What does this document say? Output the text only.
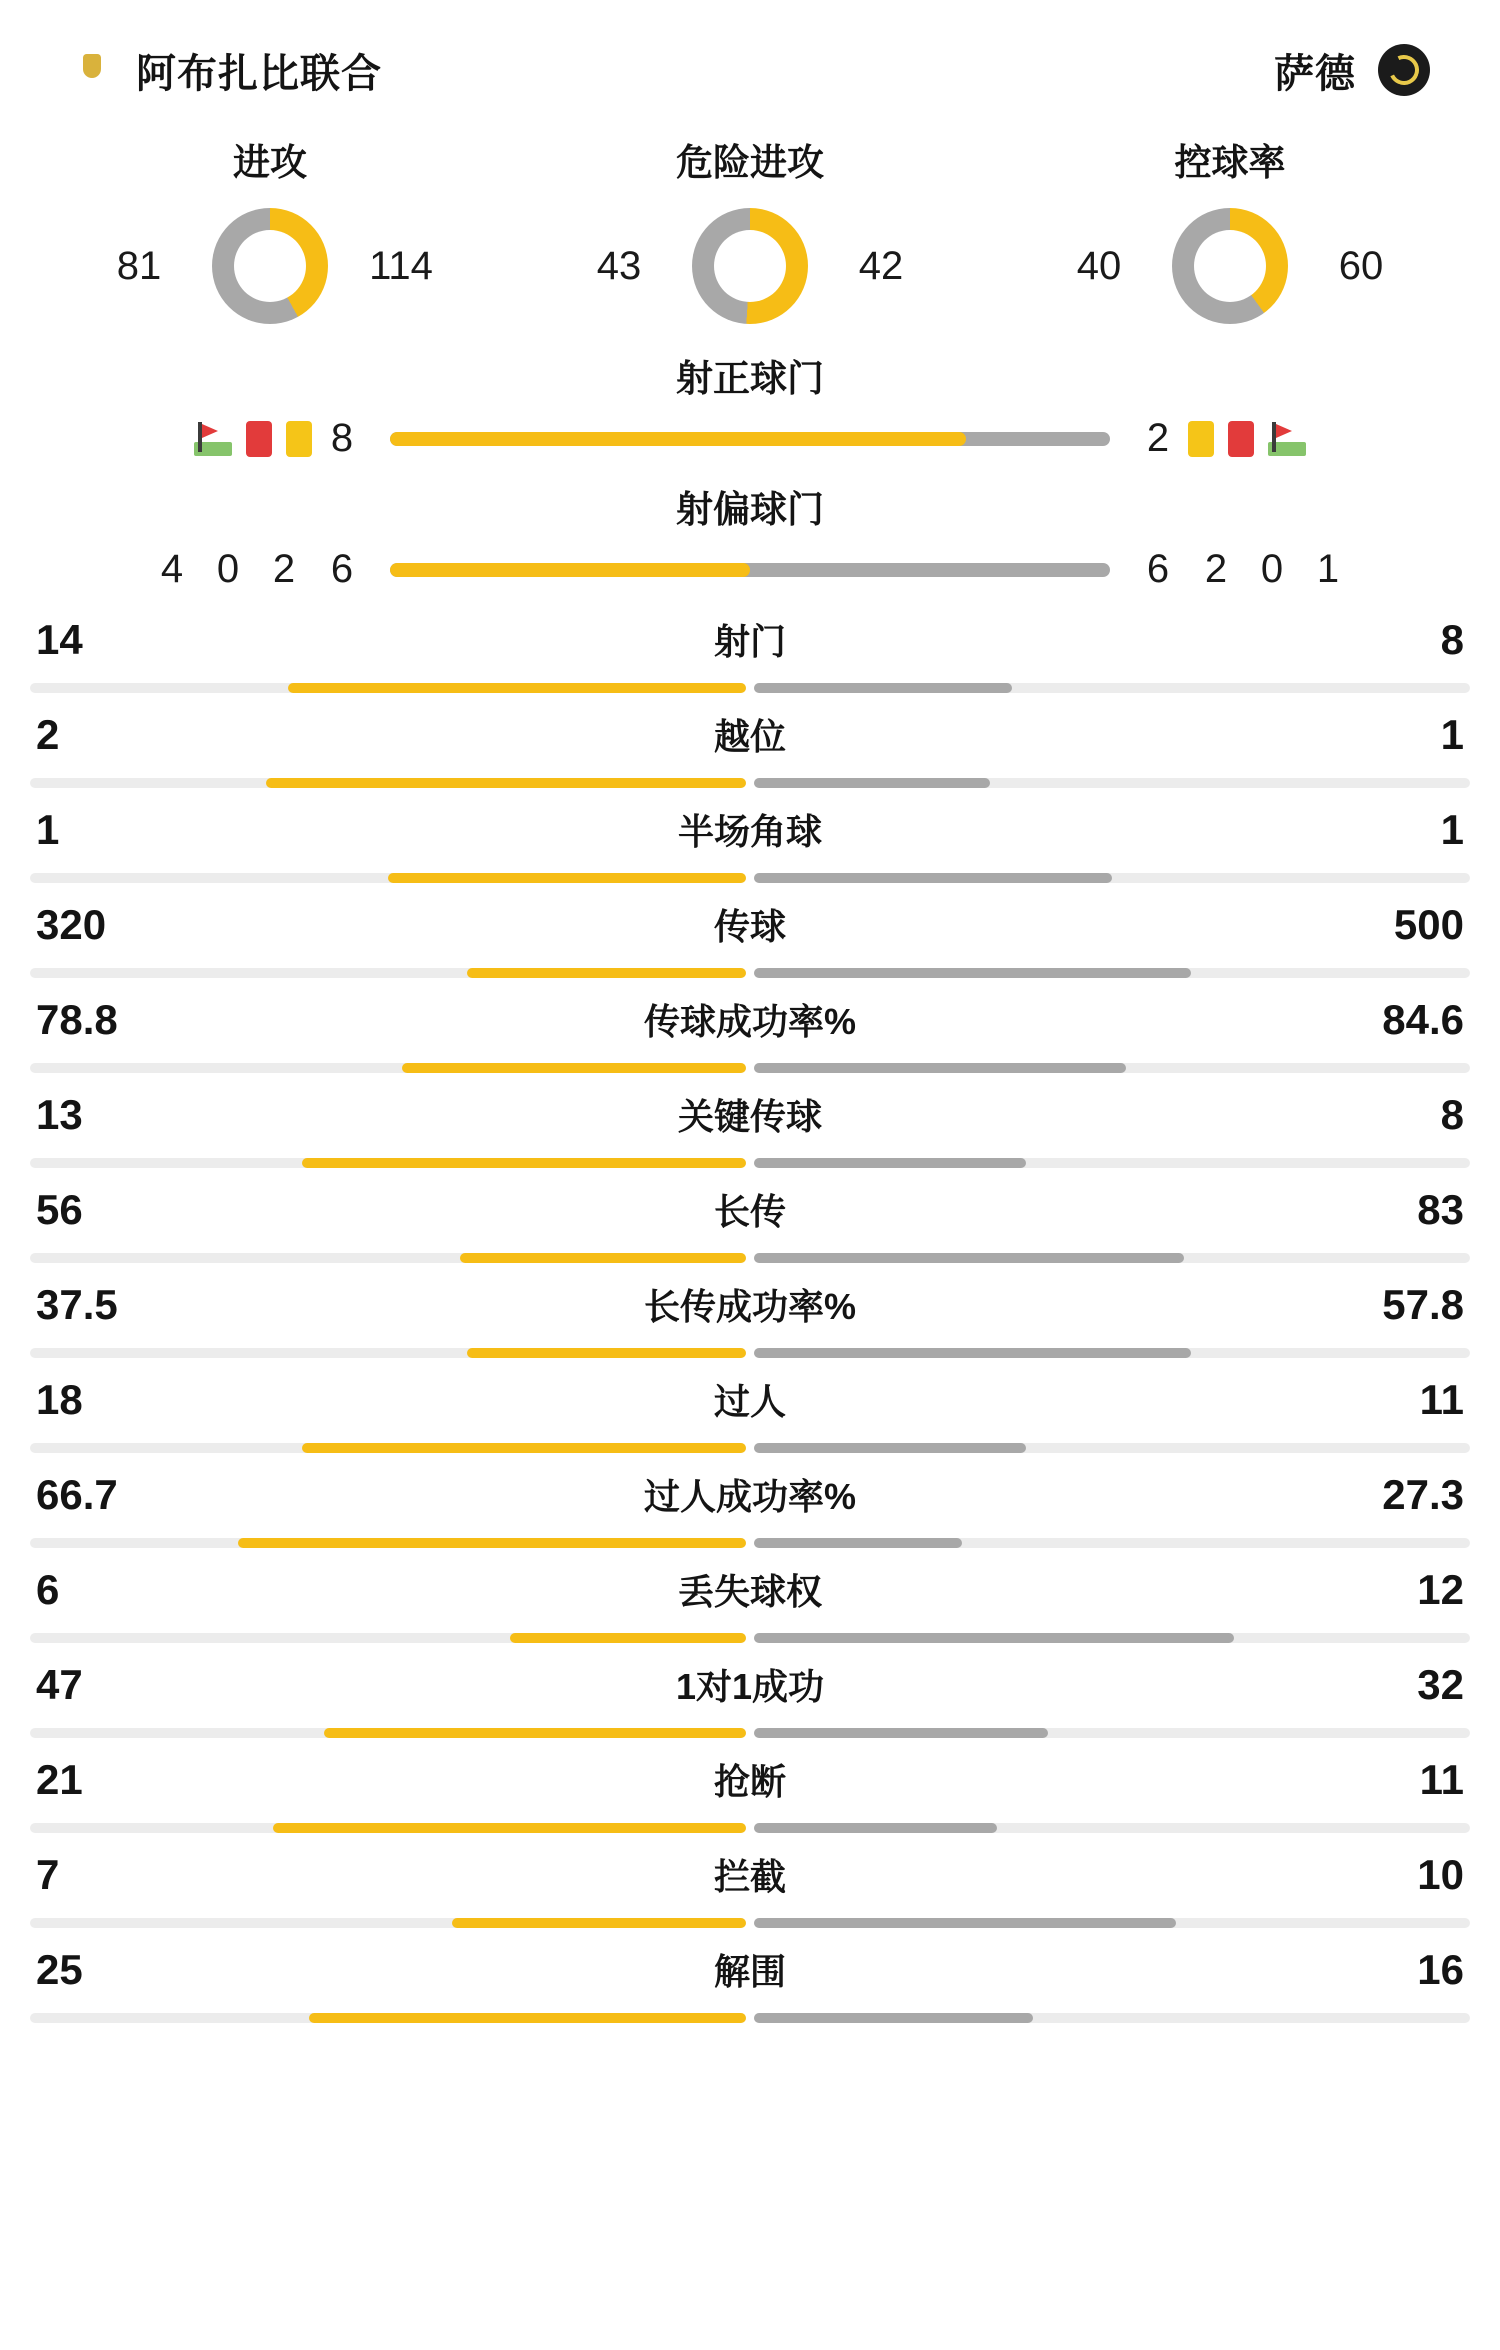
阿布扎比联合	萨德
进攻
81	114
危险进攻
43	42
控球率
40	60
射正球门
8	2
射偏球门
4 0 2 6	6 2 0 1
14	射门	8
2	越位	1
1	半场角球	1
320	传球	500
78.8	传球成功率%	84.6
13	关键传球	8
56	长传	83
37.5	长传成功率%	57.8
18	过人	11
66.7	过人成功率%	27.3
6	丢失球权	12
47	1对1成功	32
21	抢断	11
7	拦截	10
25	解围	16
